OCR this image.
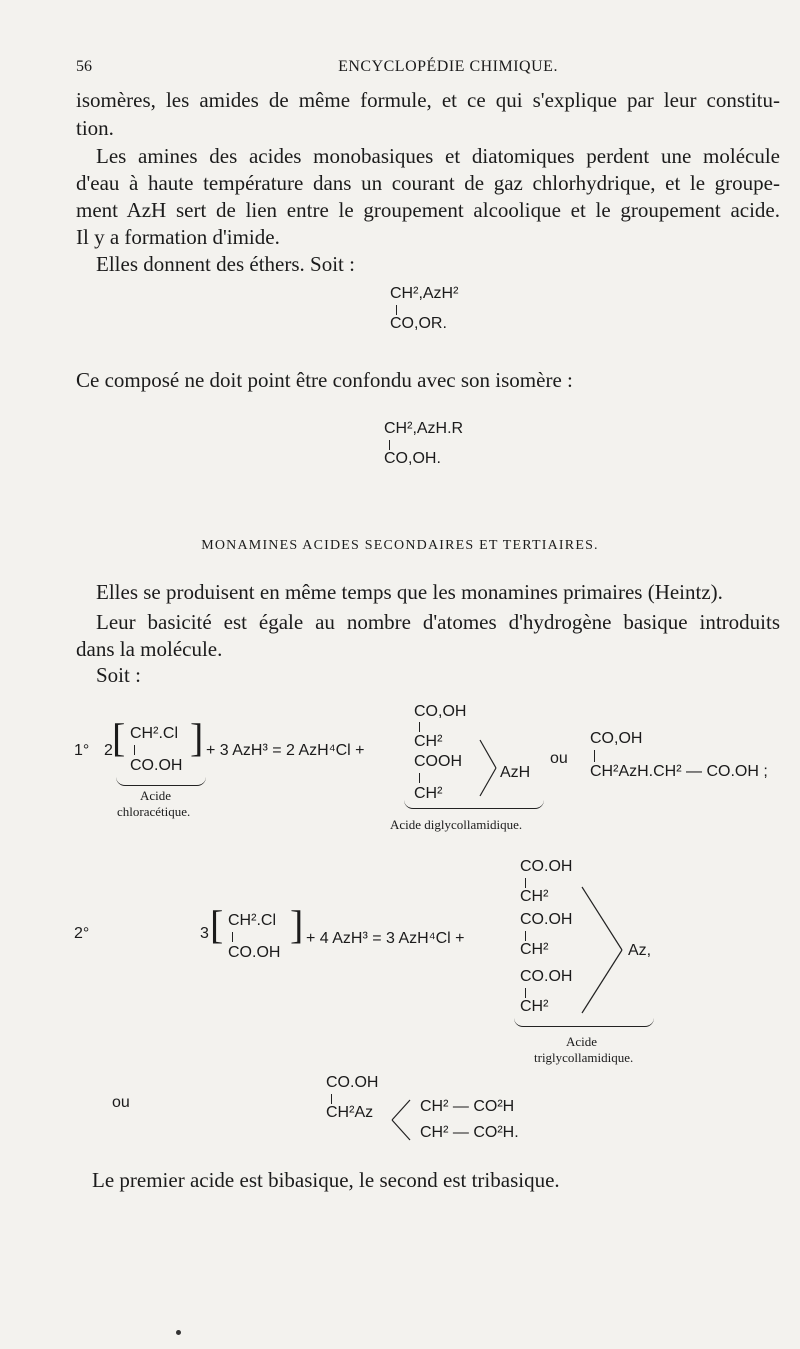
56	ENCYCLOPÉDIE CHIMIQUE.
isomères, les amides de même formule, et ce qui s'explique par leur constitu-
tion.
Les amines des acides monobasiques et diatomiques perdent une molécule
d'eau à haute température dans un courant de gaz chlorhydrique, et le groupe-
ment AzH sert de lien entre le groupement alcoolique et le groupement acide.
Il y a formation d'imide.
Elles donnent des éthers. Soit :
CH²,AzH²
CO,OR.
Ce composé ne doit point être confondu avec son isomère :
CH²,AzH.R
CO,OH.
MONAMINES ACIDES SECONDAIRES ET TERTIAIRES.
Elles se produisent en même temps que les monamines primaires (Heintz).
Leur basicité est égale au nombre d'atomes d'hydrogène basique introduits
dans la molécule.
Soit :
1° 2 [ CH².Cl
CO.OH
] + 3 AzH³ = 2 AzH⁴Cl +
CO,OH
CH²
COOH
CH²
AzH
ou
CO,OH
CH²AzH.CH² — CO.OH ;
Acide
chloracétique.
Acide diglycollamidique.
2°	3 [ CH².Cl
CO.OH
] + 4 AzH³ = 3 AzH⁴Cl +
CO.OH
CH²
CO.OH
CH²
CO.OH
CH²
Az,
Acide
triglycollamidique.
ou
CO.OH
CH²Az	CH² — CO²H
CH² — CO²H.
Le premier acide est bibasique, le second est tribasique.
